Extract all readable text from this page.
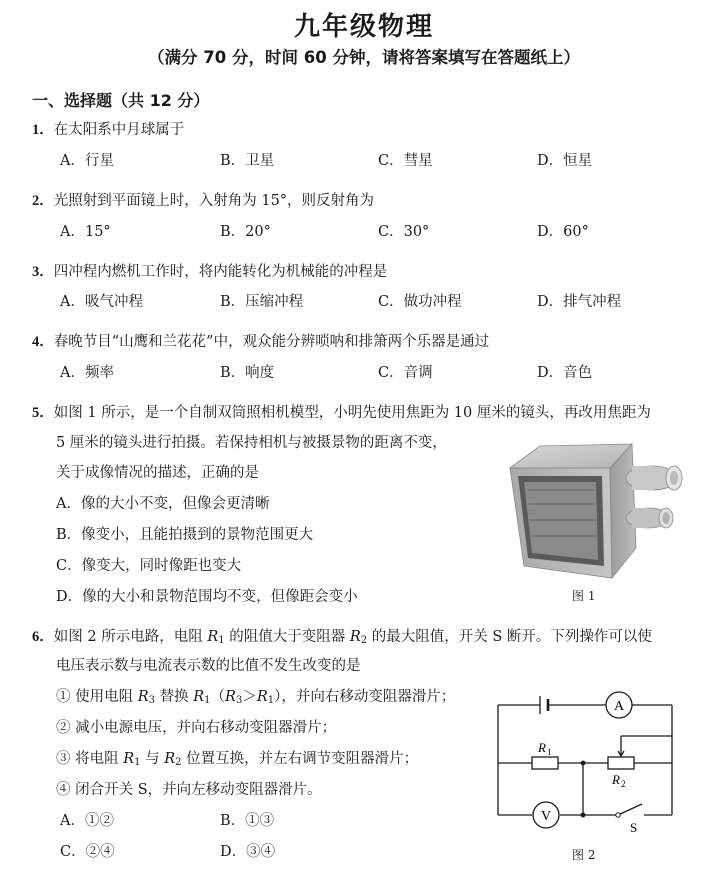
九年级物理
（满分 70 分，时间 60 分钟，请将答案填写在答题纸上）
一、选择题（共 12 分）
1．在太阳系中月球属于
A．行星	B．卫星	C．彗星	D．恒星
2．光照射到平面镜上时，入射角为 15°，则反射角为
A．15°	B．20°	C．30°	D．60°
3．四冲程内燃机工作时，将内能转化为机械能的冲程是
A．吸气冲程	B．压缩冲程	C．做功冲程	D．排气冲程
4．春晚节目“山鹰和兰花花”中，观众能分辨唢呐和排箫两个乐器是通过
A．频率	B．响度	C．音调	D．音色
5．如图 1 所示，是一个自制双筒照相机模型，小明先使用焦距为 10 厘米的镜头，再改用焦距为
5 厘米的镜头进行拍摄。若保持相机与被摄景物的距离不变，
关于成像情况的描述，正确的是
A．像的大小不变，但像会更清晰
B．像变小，且能拍摄到的景物范围更大
C．像变大，同时像距也变大
D．像的大小和景物范围均不变，但像距会变小	图 1
6．如图 2 所示电路，电阻 $R_1$ 的阻值大于变阻器 $R_2$ 的最大阻值，开关 S 断开。下列操作可以使
电压表示数与电流表示数的比值不发生改变的是
① 使用电阻 $R_3$ 替换 $R_1(R_3>R_1)$，并向右移动变阻器滑片；
② 减小电源电压，并向右移动变阻器滑片；
③ 将电阻 $R_1$ 与 $R_2$ 位置互换，并左右调节变阻器滑片；
④ 闭合开关 S，并向左移动变阻器滑片。
A．①②	B．①③
C．②④	D．③④
A
V
R 1
R 2
S
图 2
